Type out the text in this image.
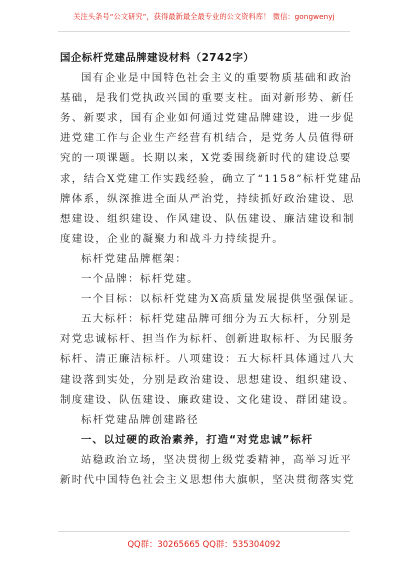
关注头条号“公文研究”，获得最新最全最专业的公文资料库！ 微信：gongwenyj
国企标杆党建品牌建设材料（2742字）
国有企业是中国特色社会主义的重要物质基础和政治
基础，是我们党执政兴国的重要支柱。面对新形势、新任
务、新要求，国有企业如何通过党建品牌建设，进一步促
进党建工作与企业生产经营有机结合，是党务人员值得研
究的一项课题。长期以来，X党委围绕新时代的建设总要
求，结合X党建工作实践经验，确立了“1158”标杆党建品
牌体系，纵深推进全面从严治党，持续抓好政治建设、思
想建设、组织建设、作风建设、队伍建设、廉洁建设和制
度建设，企业的凝聚力和战斗力持续提升。
标杆党建品牌框架：
一个品牌：标杆党建。
一个目标：以标杆党建为X高质量发展提供坚强保证。
五大标杆：标杆党建品牌可细分为五大标杆，分别是
对党忠诚标杆、担当作为标杆、创新进取标杆、为民服务
标杆、清正廉洁标杆。八项建设：五大标杆具体通过八大
建设落到实处，分别是政治建设、思想建设、组织建设、
制度建设、队伍建设、廉政建设、文化建设、群团建设。
标杆党建品牌创建路径
一、以过硬的政治素养，打造“对党忠诚”标杆
站稳政治立场，坚决贯彻上级党委精神，高举习近平
新时代中国特色社会主义思想伟大旗帜，坚决贯彻落实党
QQ群：30265665 QQ群：535304092
